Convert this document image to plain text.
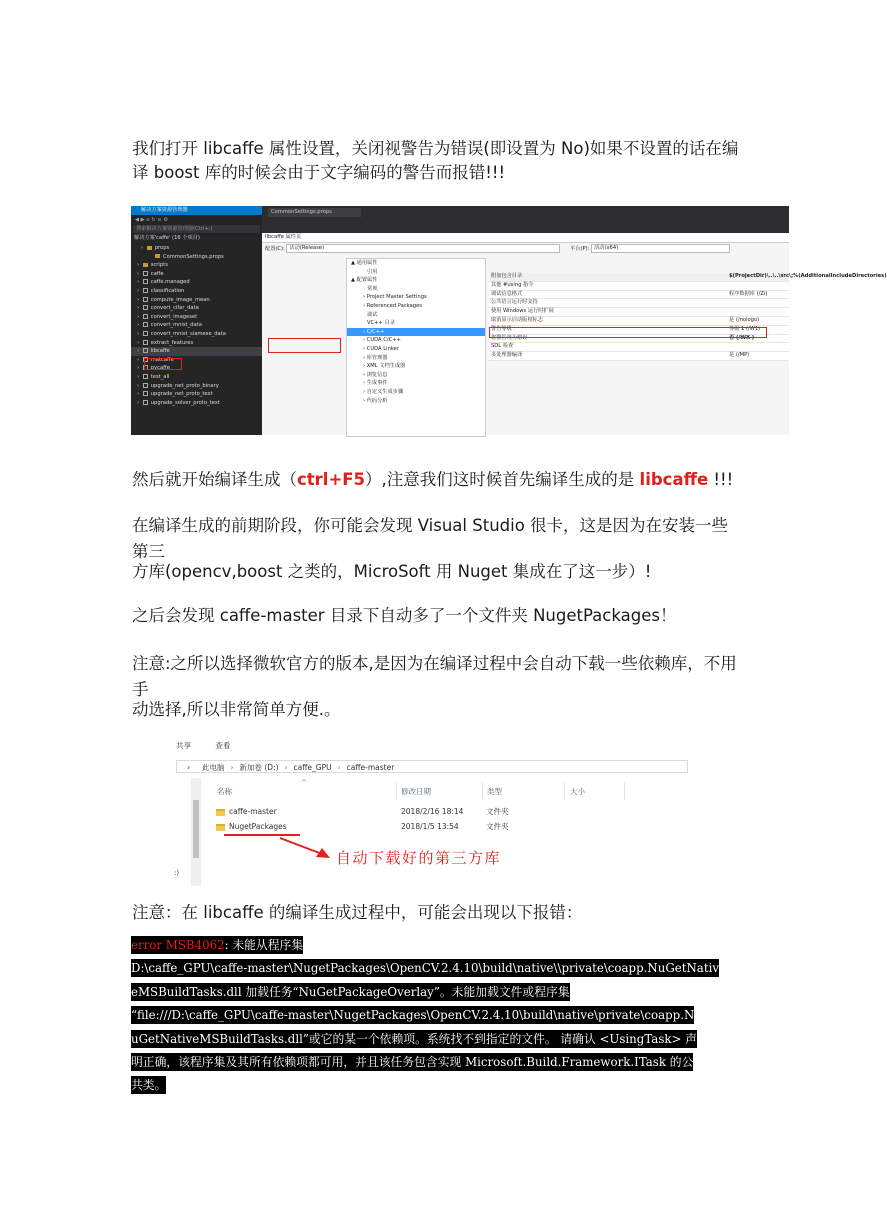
我们打开 libcaffe 属性设置，关闭视警告为错误(即设置为 No)如果不设置的话在编译 boost 库的时候会由于文字编码的警告而报错!!!
解决方案资源管理器
◀ ▶ ⌂ ↻ ≡ ⚙
搜索解决方案资源管理器(Ctrl+;)
解决方案'caffe' (16 个项目)
› props
CommonSettings.props
› scripts
› caffe
› caffe.managed
› classification
› compute_image_mean
› convert_cifar_data
› convert_imageset
› convert_mnist_data
› convert_mnist_siamese_data
› extract_features
› libcaffe
› matcaffe
› pycaffe
› test_all
› upgrade_net_proto_binary
› upgrade_net_proto_text
› upgrade_solver_proto_text
CommonSettings.props
libcaffe 属性页
配置(C): 活动(Release)	平台(P): 活动(x64)
▲ 通用属性
引用
▲ 配置属性
常规
› Project Master Settings
› Referenced Packages
调试
VC++ 目录
› C/C++
› CUDA C/C++
› CUDA Linker
› 库管理器
› XML 文档生成器
› 浏览信息
› 生成事件
› 自定义生成步骤
› 代码分析
附加包含目录	$(ProjectDir)\..\..\src\;%(AdditionalIncludeDirectories)
其他 #using 指令
调试信息格式	程序数据库 (/Zi)
公共语言运行时支持
使用 Windows 运行时扩展
取消显示启动版权标志	是 (/nologo)
警告等级	等级 1 (/W1)
将警告视为错误	否 (/WX-)
SDL 检查
多处理器编译	是 (/MP)
然后就开始编译生成（ctrl+F5）,注意我们这时候首先编译生成的是 libcaffe !!!
在编译生成的前期阶段，你可能会发现 Visual Studio 很卡，这是因为在安装一些第三
方库(opencv,boost 之类的，MicroSoft 用 Nuget 集成在了这一步）!
之后会发现 caffe-master 目录下自动多了一个文件夹 NugetPackages！
注意:之所以选择微软官方的版本,是因为在编译过程中会自动下载一些依赖库，不用手
动选择,所以非常简单方便.。
共享	查看
› 此电脑 › 新加卷 (D:) › caffe_GPU › caffe-master
^
名称	修改日期	类型	大小
caffe-master	2018/2/16 18:14	文件夹
NugetPackages	2018/1/5 13:54	文件夹
自动下载好的第三方库
:)
注意：在 libcaffe 的编译生成过程中，可能会出现以下报错：
error MSB4062: 未能从程序集
D:\caffe_GPU\caffe-master\NugetPackages\OpenCV.2.4.10\build\native\\private\coapp.NuGetNativ
eMSBuildTasks.dll 加载任务“NuGetPackageOverlay”。未能加载文件或程序集
“file:///D:\caffe_GPU\caffe-master\NugetPackages\OpenCV.2.4.10\build\native\private\coapp.N
uGetNativeMSBuildTasks.dll”或它的某一个依赖项。系统找不到指定的文件。 请确认 <UsingTask> 声
明正确，该程序集及其所有依赖项都可用，并且该任务包含实现 Microsoft.Build.Framework.ITask 的公
共类。
